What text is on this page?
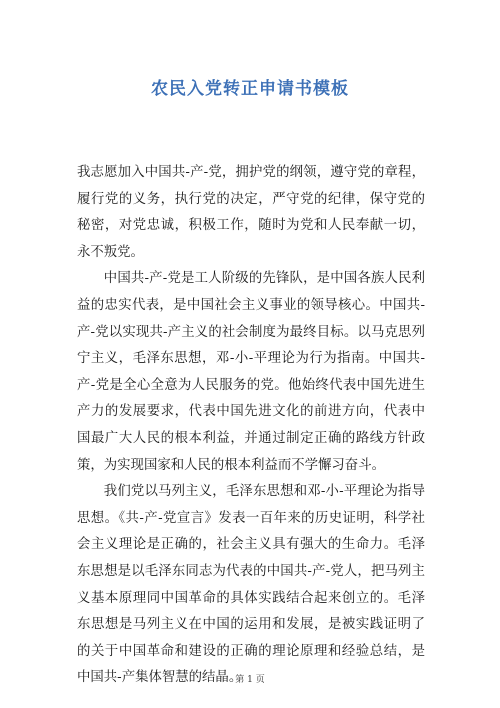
农民入党转正申请书模板

我志愿加入中国共-产-党，拥护党的纲领，遵守党的章程，履行党的义务，执行党的决定，严守党的纪律，保守党的秘密，对党忠诚，积极工作，随时为党和人民奉献一切，永不叛党。

中国共-产-党是工人阶级的先锋队，是中国各族人民利益的忠实代表，是中国社会主义事业的领导核心。中国共-产-党以实现共-产主义的社会制度为最终目标。以马克思列宁主义，毛泽东思想，邓-小-平理论为行为指南。中国共-产-党是全心全意为人民服务的党。他始终代表中国先进生产力的发展要求，代表中国先进文化的前进方向，代表中国最广大人民的根本利益，并通过制定正确的路线方针政策，为实现国家和人民的根本利益而不学懈习奋斗。

我们党以马列主义，毛泽东思想和邓-小-平理论为指导思想。《共-产-党宣言》发表一百年来的历史证明，科学社会主义理论是正确的，社会主义具有强大的生命力。毛泽东思想是以毛泽东同志为代表的中国共-产-党人，把马列主义基本原理同中国革命的具体实践结合起来创立的。毛泽东思想是马列主义在中国的运用和发展，是被实践证明了的关于中国革命和建设的正确的理论原理和经验总结，是中国共-产集体智慧的结晶。

第 1 页
